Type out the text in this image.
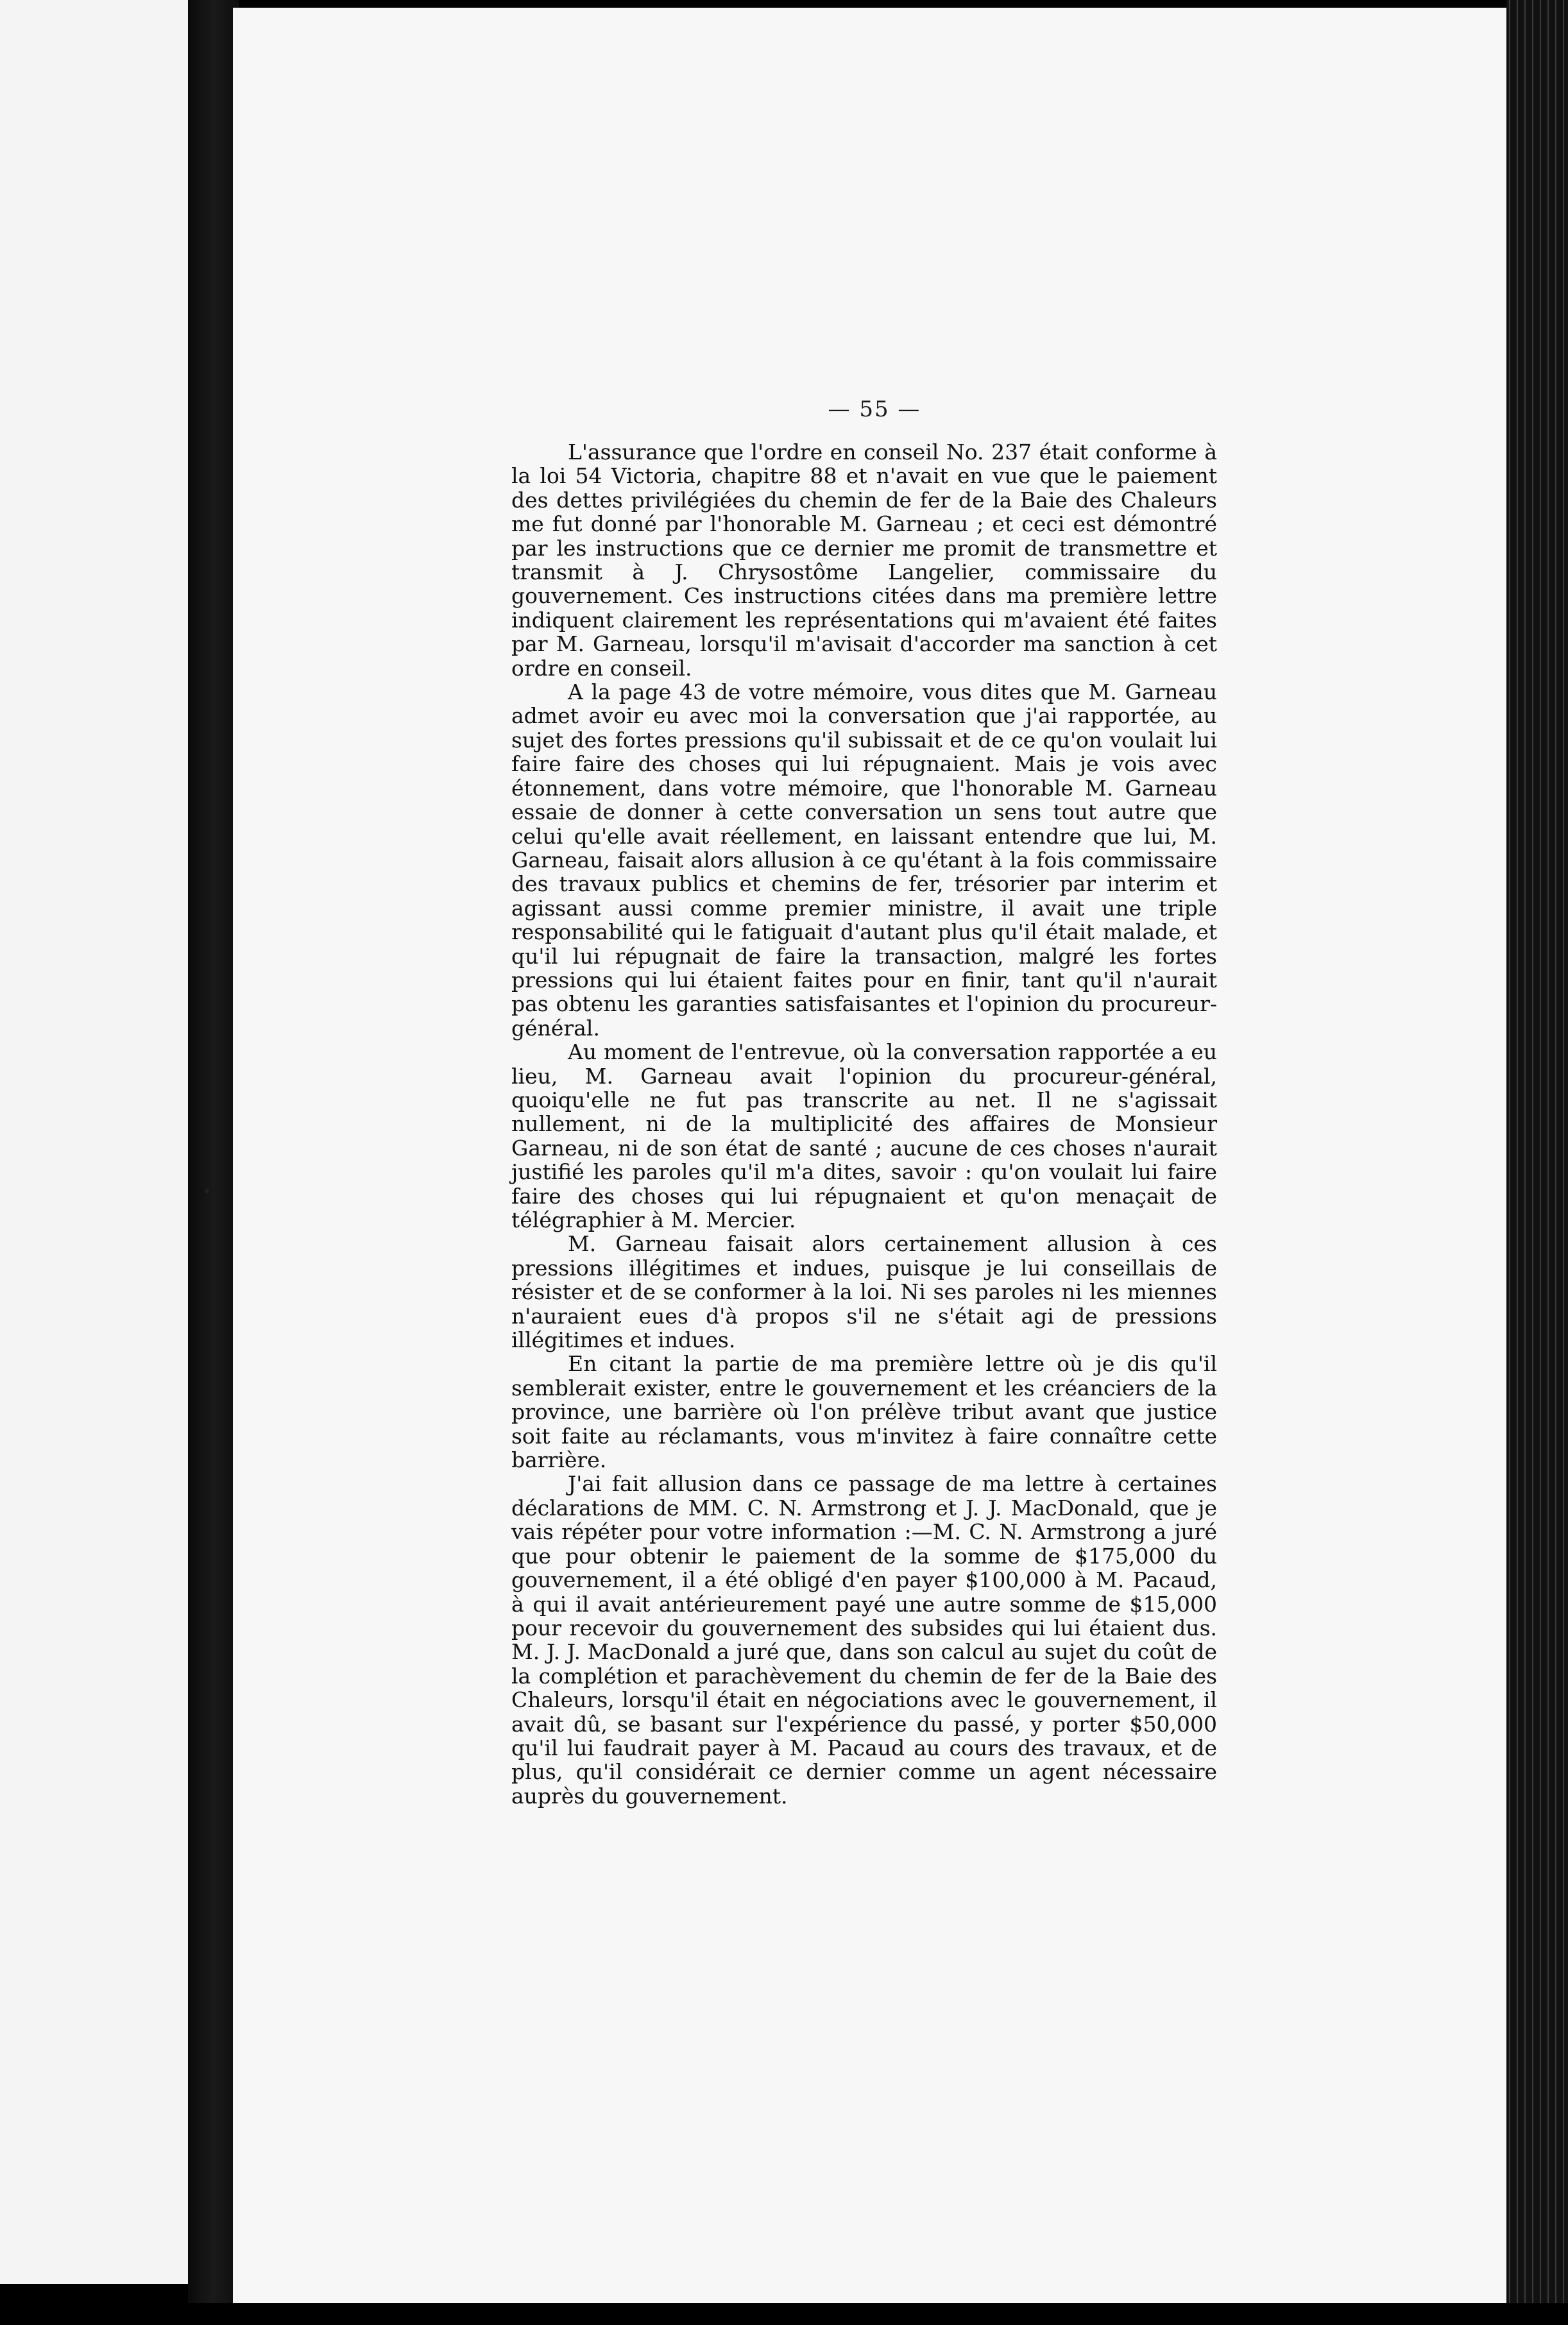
•
— 55 —

L'assurance que l'ordre en conseil No. 237 était conforme à la loi 54 Victoria, chapitre 88 et n'avait en vue que le paiement des dettes privilégiées du chemin de fer de la Baie des Chaleurs me fut donné par l'honorable M. Garneau ; et ceci est démontré par les instructions que ce dernier me promit de transmettre et transmit à J. Chrysostôme Langelier, commissaire du gouvernement. Ces instructions citées dans ma première lettre indiquent clairement les représentations qui m'avaient été faites par M. Garneau, lorsqu'il m'avisait d'accorder ma sanction à cet ordre en conseil.

A la page 43 de votre mémoire, vous dites que M. Garneau admet avoir eu avec moi la conversation que j'ai rapportée, au sujet des fortes pressions qu'il subissait et de ce qu'on voulait lui faire faire des choses qui lui répugnaient. Mais je vois avec étonnement, dans votre mémoire, que l'honorable M. Garneau essaie de donner à cette conversation un sens tout autre que celui qu'elle avait réellement, en laissant entendre que lui, M. Garneau, faisait alors allusion à ce qu'étant à la fois commissaire des travaux publics et chemins de fer, trésorier par interim et agissant aussi comme premier ministre, il avait une triple responsabilité qui le fatiguait d'autant plus qu'il était malade, et qu'il lui répugnait de faire la transaction, malgré les fortes pressions qui lui étaient faites pour en finir, tant qu'il n'aurait pas obtenu les garanties satisfaisantes et l'opinion du procureur-général.

Au moment de l'entrevue, où la conversation rapportée a eu lieu, M. Garneau avait l'opinion du procureur-général, quoiqu'elle ne fut pas transcrite au net. Il ne s'agissait nullement, ni de la multiplicité des affaires de Monsieur Garneau, ni de son état de santé ; aucune de ces choses n'aurait justifié les paroles qu'il m'a dites, savoir : qu'on voulait lui faire faire des choses qui lui répugnaient et qu'on menaçait de télégraphier à M. Mercier.

M. Garneau faisait alors certainement allusion à ces pressions illégitimes et indues, puisque je lui conseillais de résister et de se conformer à la loi. Ni ses paroles ni les miennes n'auraient eues d'à propos s'il ne s'était agi de pressions illégitimes et indues.

En citant la partie de ma première lettre où je dis qu'il semblerait exister, entre le gouvernement et les créanciers de la province, une barrière où l'on prélève tribut avant que justice soit faite au réclamants, vous m'invitez à faire connaître cette barrière.

J'ai fait allusion dans ce passage de ma lettre à certaines déclarations de MM. C. N. Armstrong et J. J. MacDonald, que je vais répéter pour votre information :—M. C. N. Armstrong a juré que pour obtenir le paiement de la somme de $175,000 du gouvernement, il a été obligé d'en payer $100,000 à M. Pacaud, à qui il avait antérieurement payé une autre somme de $15,000 pour recevoir du gouvernement des subsides qui lui étaient dus. M. J. J. MacDonald a juré que, dans son calcul au sujet du coût de la complétion et parachèvement du chemin de fer de la Baie des Chaleurs, lorsqu'il était en négociations avec le gouvernement, il avait dû, se basant sur l'expérience du passé, y porter $50,000 qu'il lui faudrait payer à M. Pacaud au cours des travaux, et de plus, qu'il considérait ce dernier comme un agent nécessaire auprès du gouvernement.
